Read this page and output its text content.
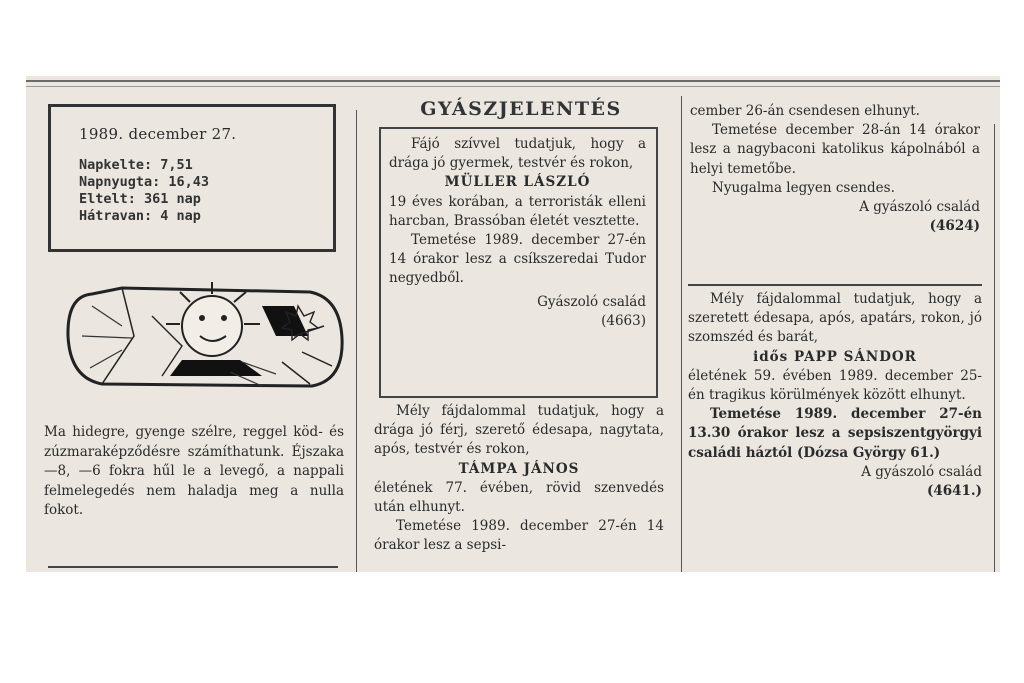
1989. december 27.
Napkelte: 7,51
Napnyugta: 16,43
Eltelt: 361 nap
Hátravan: 4 nap
Ma hidegre, gyenge szélre, reggel köd- és zúzmaraképződésre számíthatunk. Éjszaka —8, —6 fokra hűl le a levegő, a nappali felmelegedés nem haladja meg a nulla fokot.
GYÁSZJELENTÉS
Fájó szívvel tudatjuk, hogy a drága jó gyermek, testvér és rokon,
MÜLLER LÁSZLÓ
19 éves korában, a terroristák elleni harcban, Brassóban életét vesztette.
Temetése 1989. december 27-én 14 órakor lesz a csíkszeredai Tudor negyedből.
Gyászoló család
(4663)
Mély fájdalommal tudatjuk, hogy a drága jó férj, szerető édesapa, nagytata, após, testvér és rokon,
TÁMPA JÁNOS
életének 77. évében, rövid szenvedés után elhunyt.
Temetése 1989. december 27-én 14 órakor lesz a sepsi-
cember 26-án csendesen elhunyt.
Temetése december 28-án 14 órakor lesz a nagybaconi katolikus kápolnából a helyi temetőbe.
Nyugalma legyen csendes.
A gyászoló család
(4624)
Mély fájdalommal tudatjuk, hogy a szeretett édesapa, após, apatárs, rokon, jó szomszéd és barát,
idős PAPP SÁNDOR
életének 59. évében 1989. december 25-én tragikus körülmények között elhunyt.
Temetése 1989. december 27-én 13.30 órakor lesz a sepsiszentgyörgyi családi háztól (Dózsa György 61.)
A gyászoló család
(4641.)
